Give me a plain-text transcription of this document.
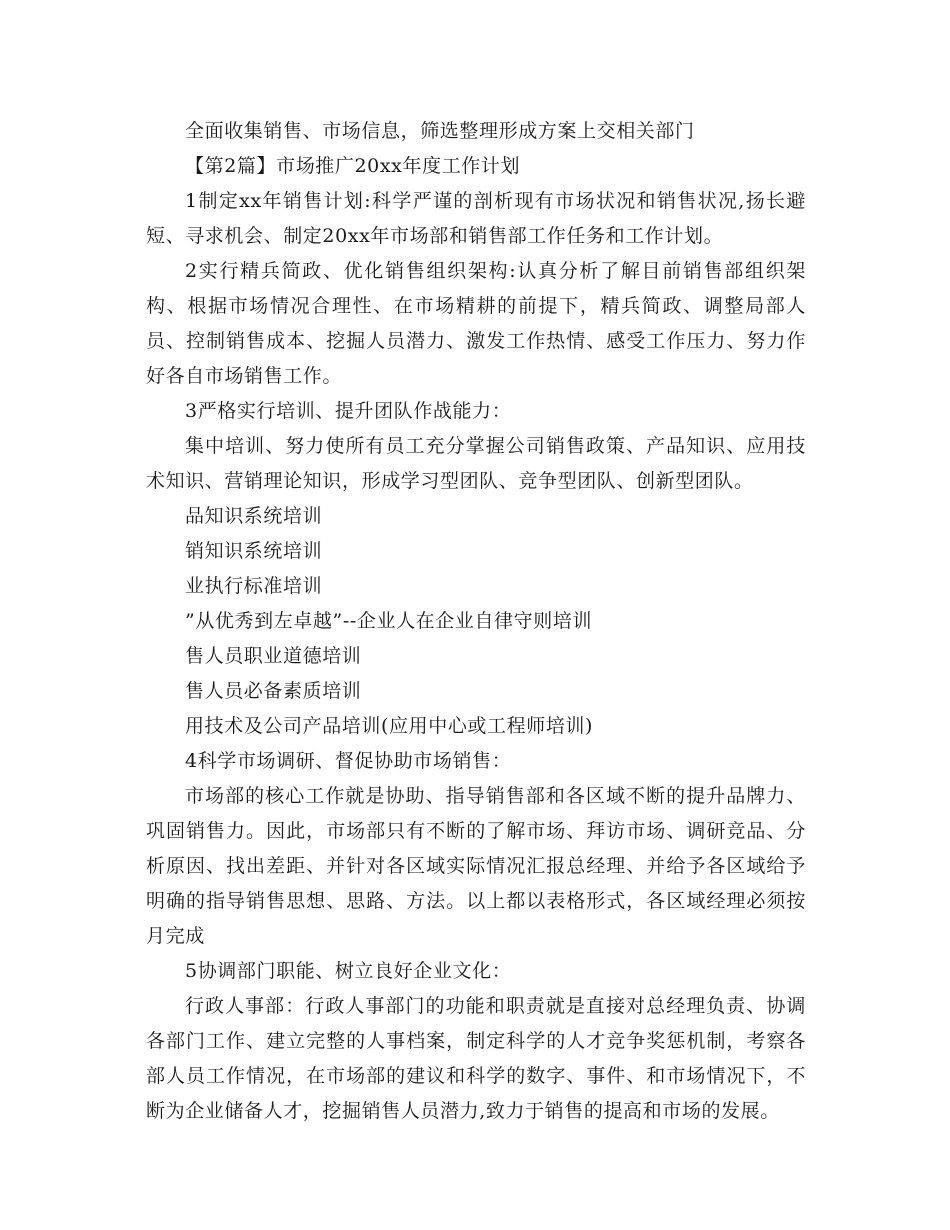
全面收集销售、市场信息，筛选整理形成方案上交相关部门

【第2篇】市场推广20xx年度工作计划

1制定xx年销售计划:科学严谨的剖析现有市场状况和销售状况,扬长避短、寻求机会、制定20xx年市场部和销售部工作任务和工作计划。

2实行精兵简政、优化销售组织架构:认真分析了解目前销售部组织架构、根据市场情况合理性、在市场精耕的前提下，精兵简政、调整局部人员、控制销售成本、挖掘人员潜力、激发工作热情、感受工作压力、努力作好各自市场销售工作。

3严格实行培训、提升团队作战能力：

集中培训、努力使所有员工充分掌握公司销售政策、产品知识、应用技术知识、营销理论知识，形成学习型团队、竞争型团队、创新型团队。

品知识系统培训

销知识系统培训

业执行标准培训

”从优秀到左卓越”--企业人在企业自律守则培训

售人员职业道德培训

售人员必备素质培训

用技术及公司产品培训(应用中心或工程师培训)

4科学市场调研、督促协助市场销售：

市场部的核心工作就是协助、指导销售部和各区域不断的提升品牌力、巩固销售力。因此，市场部只有不断的了解市场、拜访市场、调研竞品、分析原因、找出差距、并针对各区域实际情况汇报总经理、并给予各区域给予明确的指导销售思想、思路、方法。以上都以表格形式，各区域经理必须按月完成

5协调部门职能、树立良好企业文化：

行政人事部：行政人事部门的功能和职责就是直接对总经理负责、协调各部门工作、建立完整的人事档案，制定科学的人才竞争奖惩机制，考察各部人员工作情况，在市场部的建议和科学的数字、事件、和市场情况下，不断为企业储备人才，挖掘销售人员潜力,致力于销售的提高和市场的发展。
